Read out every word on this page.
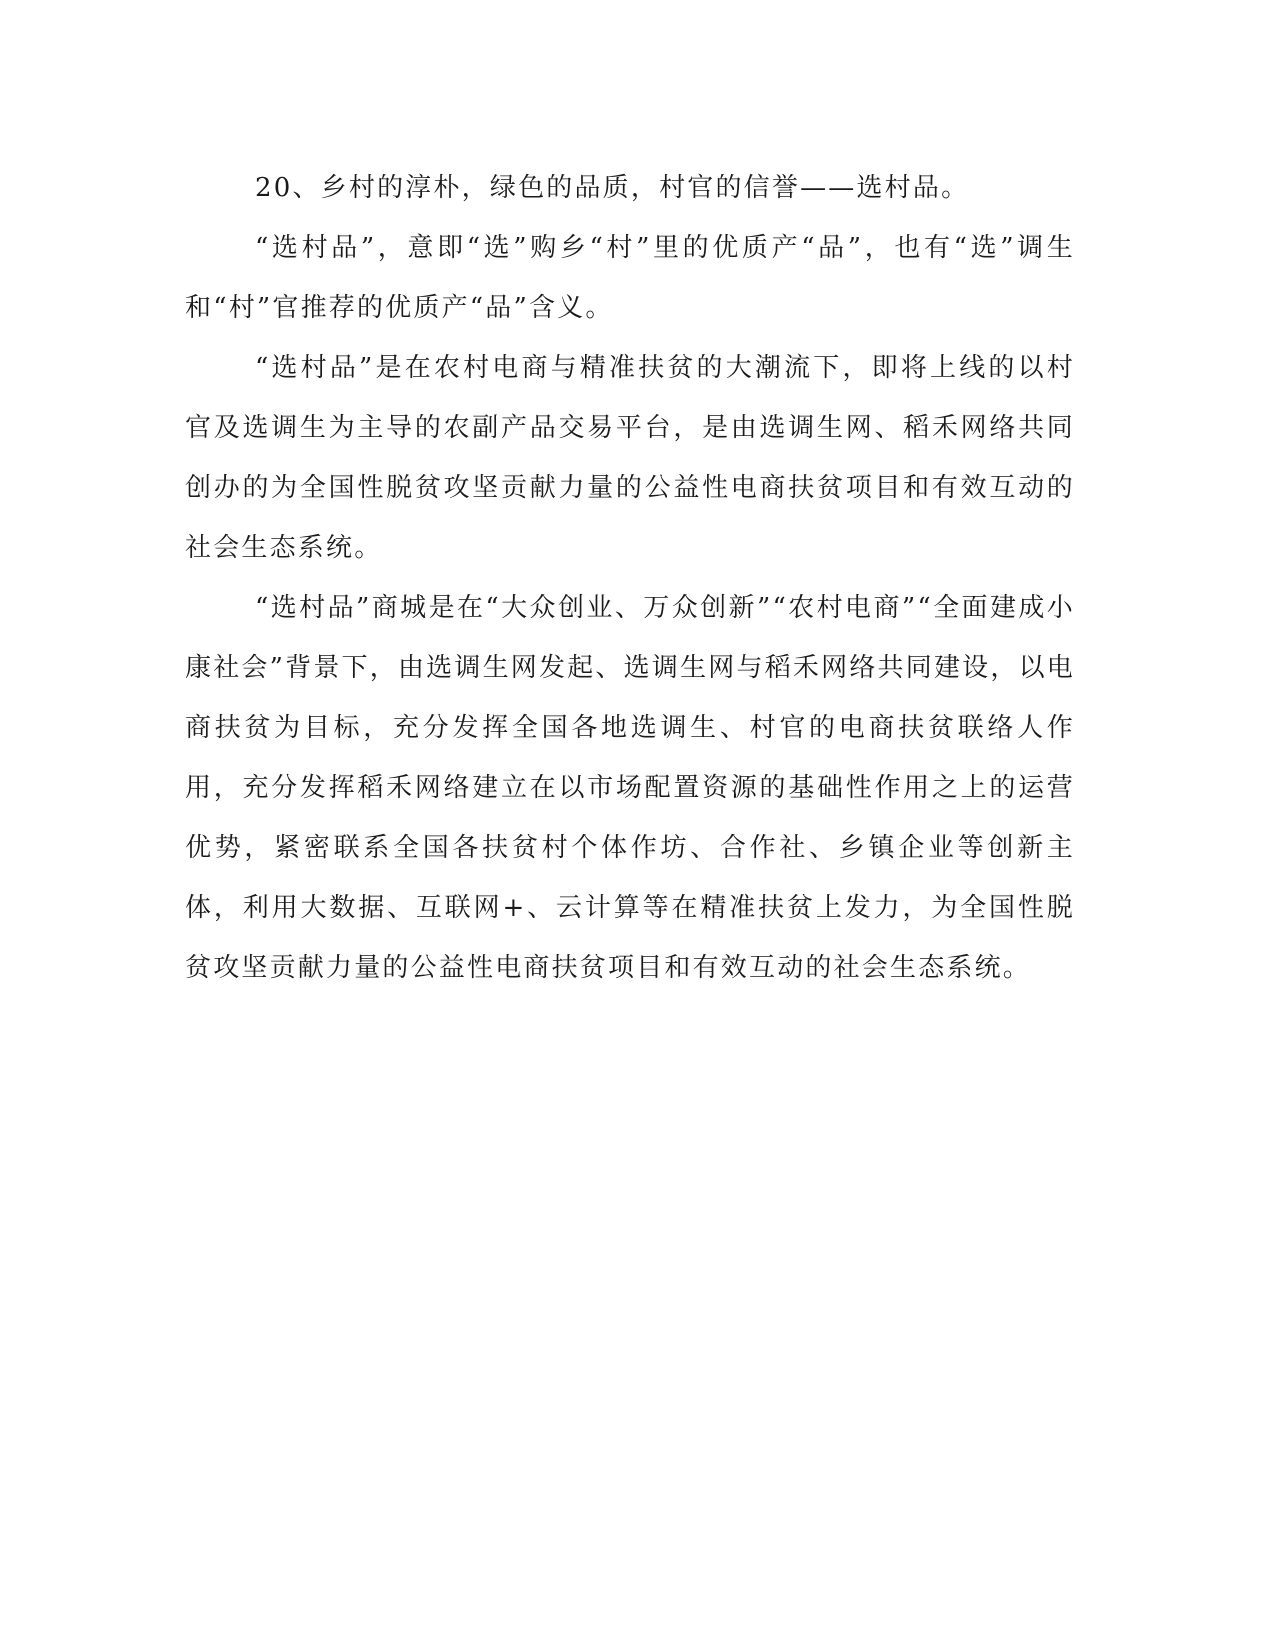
20、乡村的淳朴，绿色的品质，村官的信誉——选村品。

“选村品”，意即“选”购乡“村”里的优质产“品”，也有“选”调生和“村”官推荐的优质产“品”含义。

“选村品”是在农村电商与精准扶贫的大潮流下，即将上线的以村官及选调生为主导的农副产品交易平台，是由选调生网、稻禾网络共同创办的为全国性脱贫攻坚贡献力量的公益性电商扶贫项目和有效互动的社会生态系统。

“选村品”商城是在“大众创业、万众创新”“农村电商”“全面建成小康社会”背景下，由选调生网发起、选调生网与稻禾网络共同建设，以电商扶贫为目标，充分发挥全国各地选调生、村官的电商扶贫联络人作用，充分发挥稻禾网络建立在以市场配置资源的基础性作用之上的运营优势，紧密联系全国各扶贫村个体作坊、合作社、乡镇企业等创新主体，利用大数据、互联网+、云计算等在精准扶贫上发力，为全国性脱贫攻坚贡献力量的公益性电商扶贫项目和有效互动的社会生态系统。
